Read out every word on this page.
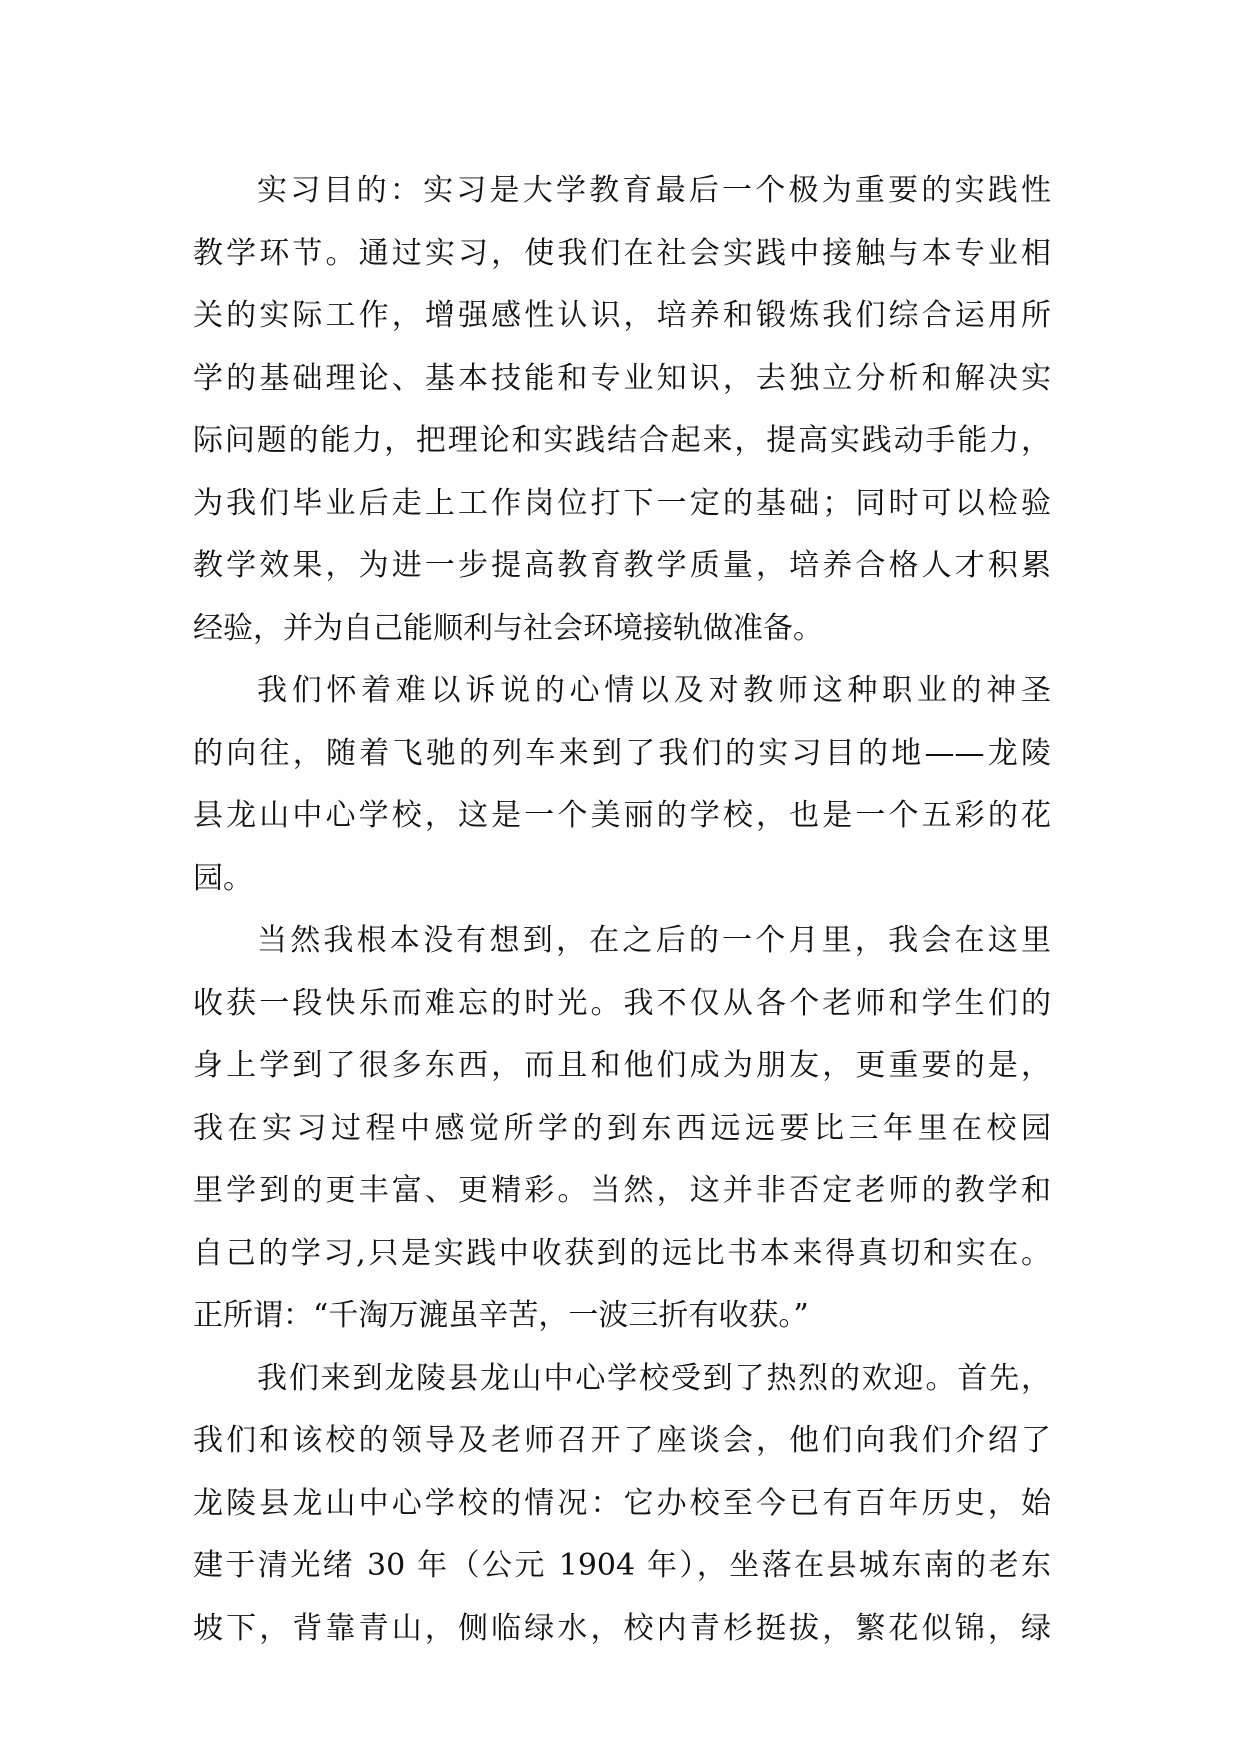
实习目的：实习是大学教育最后一个极为重要的实践性
教学环节。通过实习，使我们在社会实践中接触与本专业相
关的实际工作，增强感性认识，培养和锻炼我们综合运用所
学的基础理论、基本技能和专业知识，去独立分析和解决实
际问题的能力，把理论和实践结合起来，提高实践动手能力，
为我们毕业后走上工作岗位打下一定的基础；同时可以检验
教学效果，为进一步提高教育教学质量，培养合格人才积累
经验，并为自己能顺利与社会环境接轨做准备。
我们怀着难以诉说的心情以及对教师这种职业的神圣
的向往，随着飞驰的列车来到了我们的实习目的地——龙陵
县龙山中心学校，这是一个美丽的学校，也是一个五彩的花
园。
当然我根本没有想到，在之后的一个月里，我会在这里
收获一段快乐而难忘的时光。我不仅从各个老师和学生们的
身上学到了很多东西，而且和他们成为朋友，更重要的是，
我在实习过程中感觉所学的到东西远远要比三年里在校园
里学到的更丰富、更精彩。当然，这并非否定老师的教学和
自己的学习,只是实践中收获到的远比书本来得真切和实在。
正所谓：“千淘万漉虽辛苦，一波三折有收获。”
我们来到龙陵县龙山中心学校受到了热烈的欢迎。首先，
我们和该校的领导及老师召开了座谈会，他们向我们介绍了
龙陵县龙山中心学校的情况：它办校至今已有百年历史，始
建于清光绪 30 年（公元 1904 年），坐落在县城东南的老东
坡下，背靠青山，侧临绿水，校内青杉挺拔，繁花似锦，绿
